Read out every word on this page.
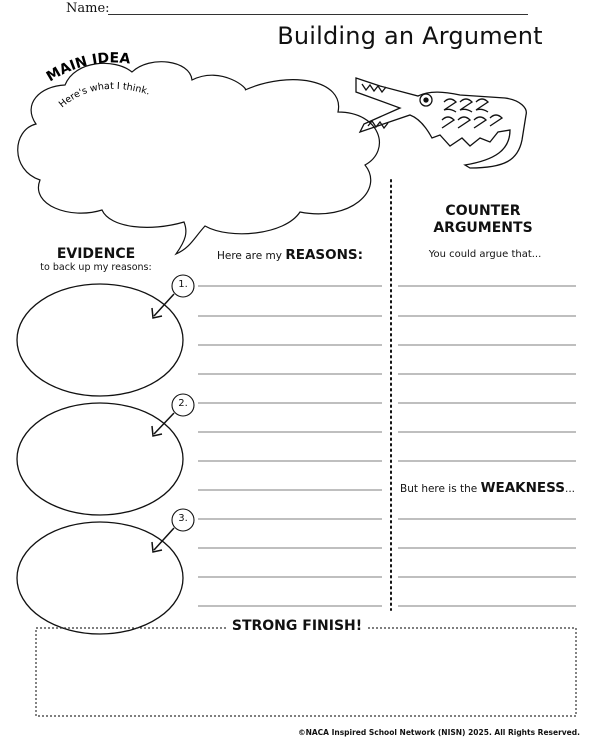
Name:
Building an Argument
MAIN IDEA
Here's what I think.
EVIDENCE
to back up my reasons:
Here are my REASONS:
COUNTER
ARGUMENTS
You could argue that...
But here is the WEAKNESS...
1.
2.
3.
STRONG FINISH!
©NACA Inspired School Network (NISN) 2025. All Rights Reserved.
